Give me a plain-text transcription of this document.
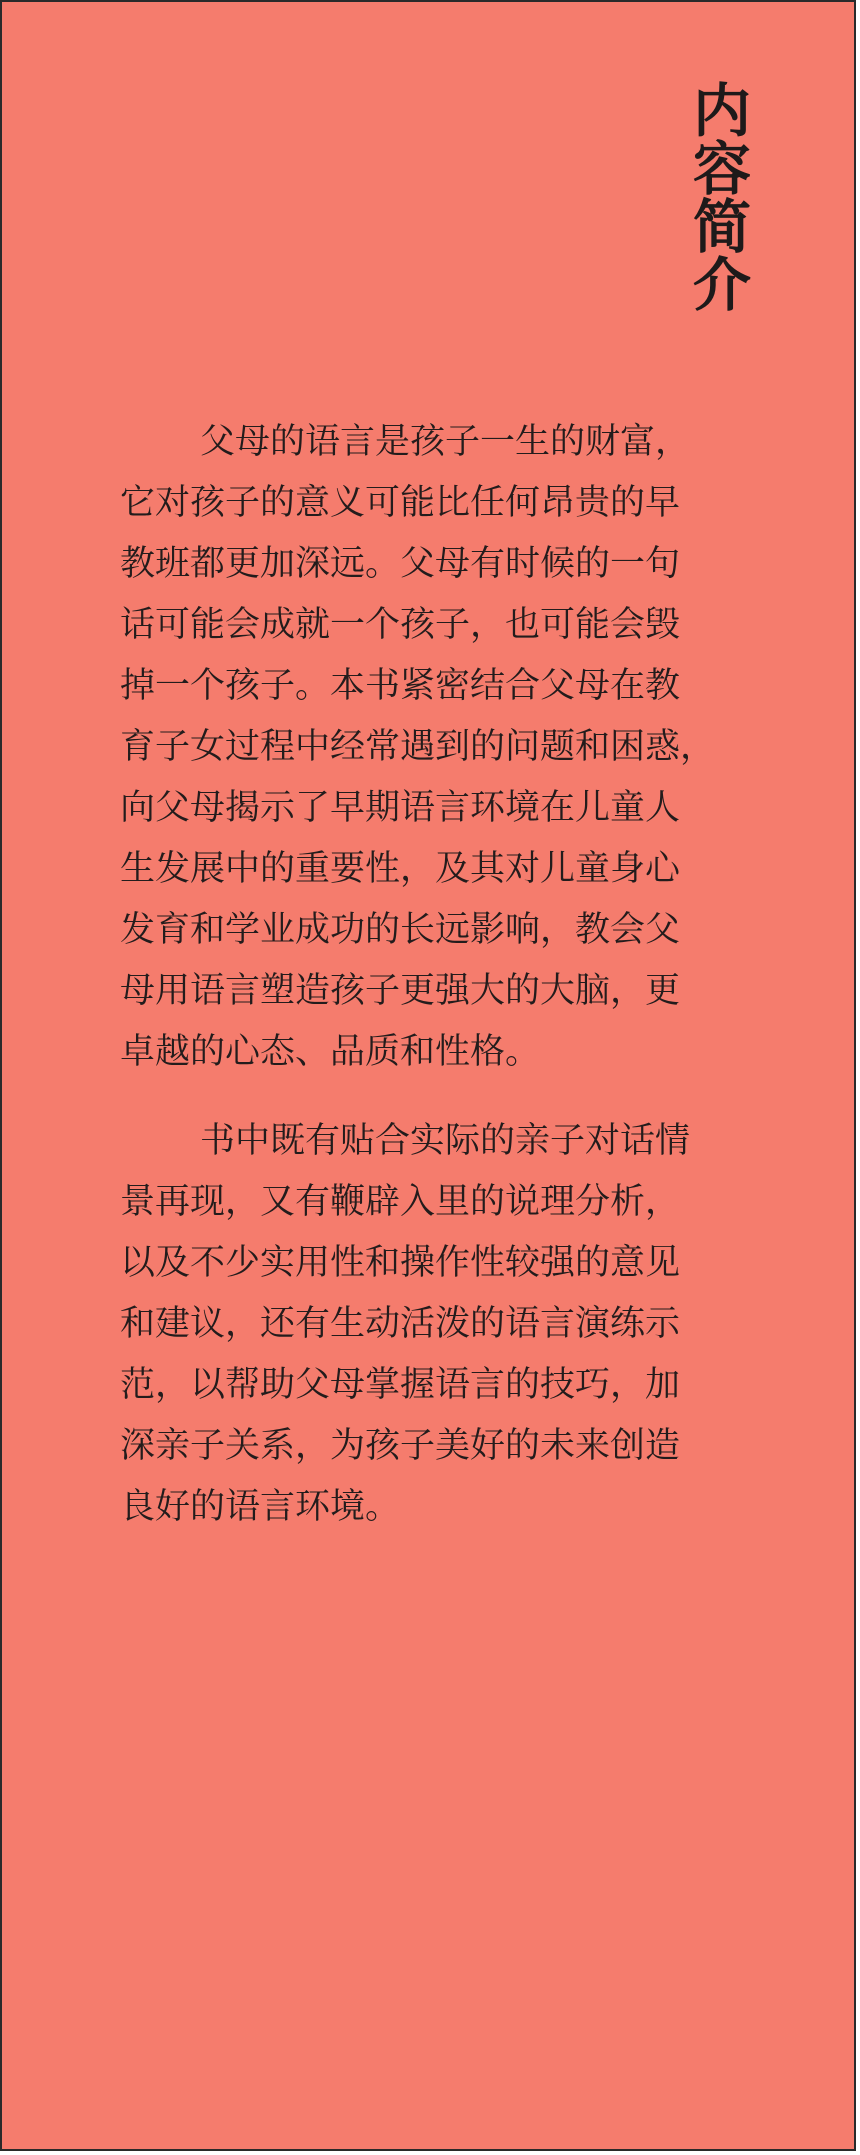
内
容
简
介

父母的语言是孩子一生的财富，
它对孩子的意义可能比任何昂贵的早
教班都更加深远。父母有时候的一句
话可能会成就一个孩子，也可能会毁
掉一个孩子。本书紧密结合父母在教
育子女过程中经常遇到的问题和困惑，
向父母揭示了早期语言环境在儿童人
生发展中的重要性，及其对儿童身心
发育和学业成功的长远影响，教会父
母用语言塑造孩子更强大的大脑，更
卓越的心态、品质和性格。

书中既有贴合实际的亲子对话情
景再现，又有鞭辟入里的说理分析，
以及不少实用性和操作性较强的意见
和建议，还有生动活泼的语言演练示
范，以帮助父母掌握语言的技巧，加
深亲子关系，为孩子美好的未来创造
良好的语言环境。
